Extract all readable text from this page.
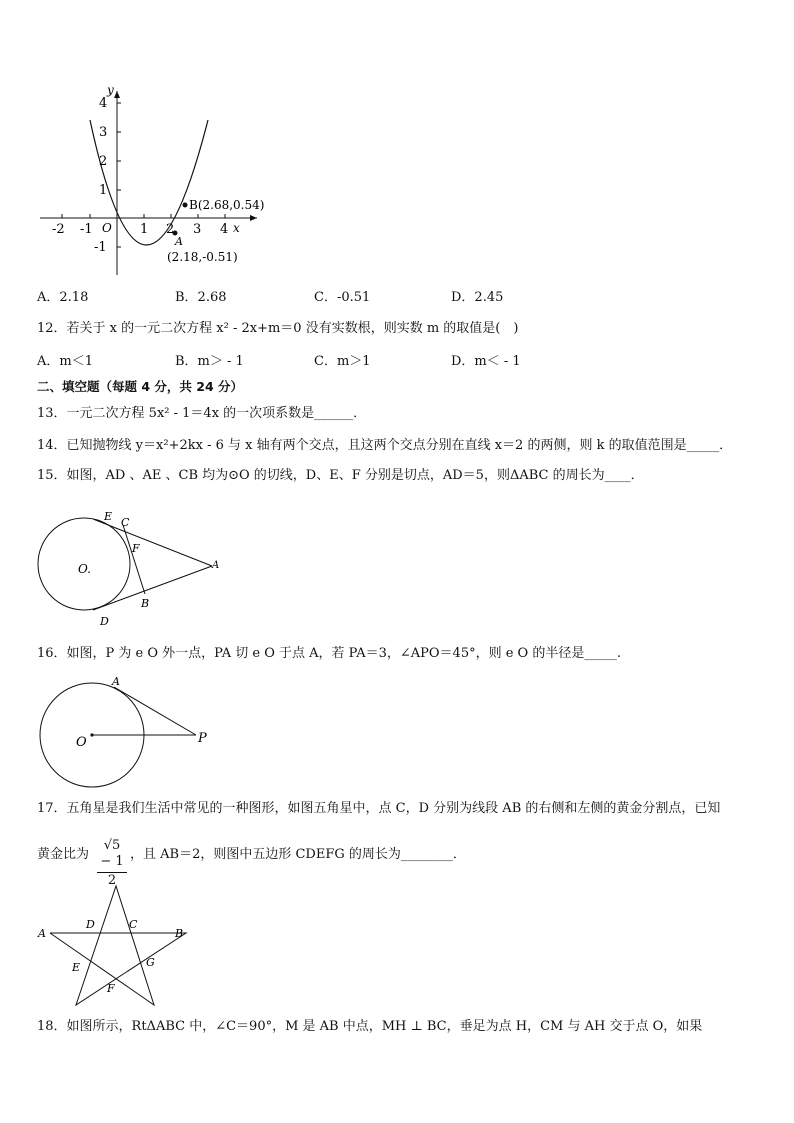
y
x
O
4
3
2
1
-1
-2 -1	1 2 3 4
B(2.68,0.54)
A
(2.18,-0.51)
A．2.18	B．2.68	C．-0.51	D．2.45
12．若关于 x 的一元二次方程 x² - 2x+m＝0 没有实数根，则实数 m 的取值是(　)
A．m＜1	B．m＞ - 1	C．m＞1	D．m＜ - 1
二、填空题（每题 4 分，共 24 分）
13．一元二次方程 5x² - 1＝4x 的一次项系数是______．
14．已知抛物线 y＝x²+2kx - 6 与 x 轴有两个交点，且这两个交点分别在直线 x＝2 的两侧，则 k 的取值范围是_____．
15．如图，AD 、AE 、CB 均为⊙O 的切线，D、E、F 分别是切点，AD＝5，则ΔABC 的周长为____．
E C
F
O.	A
B
D
16．如图，P 为 e O 外一点，PA 切 e O 于点 A，若 PA＝3，∠APO＝45°，则 e O 的半径是_____.
A
O	P
17．五角星是我们生活中常见的一种图形，如图五角星中，点 C，D 分别为线段 AB 的右侧和左侧的黄金分割点，已知
黄金比为 $\frac{√5 - 1}{2}$ ，且 AB＝2，则图中五边形 CDEFG 的周长为________．
A
D	C
B
E	G
F
18．如图所示，RtΔABC 中，∠C＝90°，M 是 AB 中点，MH ⊥ BC，垂足为点 H，CM 与 AH 交于点 O，如果
